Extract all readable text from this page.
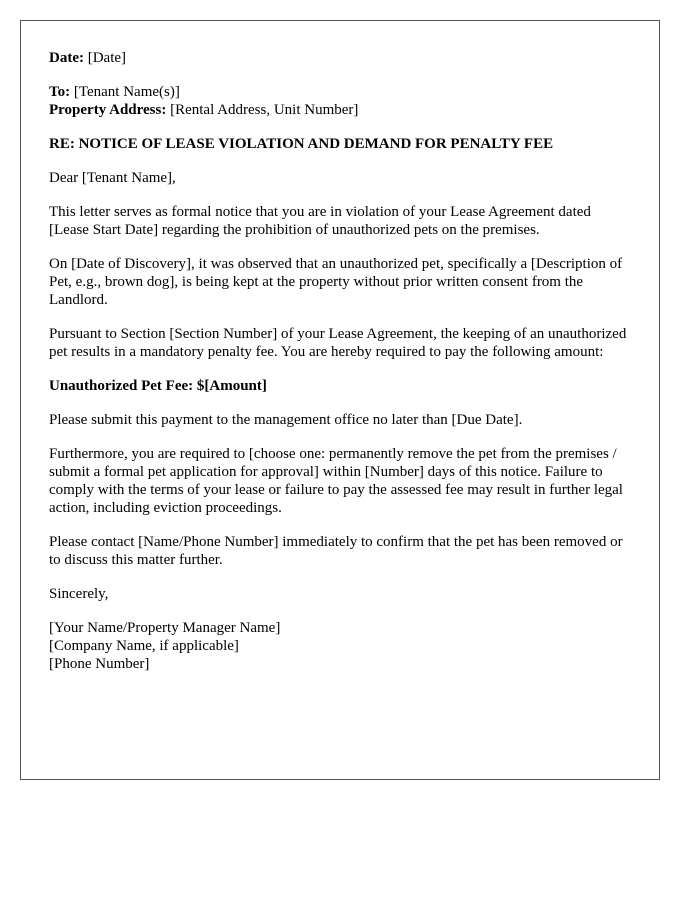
Date: [Date]

To: [Tenant Name(s)]

Property Address: [Rental Address, Unit Number]

RE: NOTICE OF LEASE VIOLATION AND DEMAND FOR PENALTY FEE

Dear [Tenant Name],

This letter serves as formal notice that you are in violation of your Lease Agreement dated [Lease Start Date] regarding the prohibition of unauthorized pets on the premises.

On [Date of Discovery], it was observed that an unauthorized pet, specifically a [Description of Pet, e.g., brown dog], is being kept at the property without prior written consent from the Landlord.

Pursuant to Section [Section Number] of your Lease Agreement, the keeping of an unauthorized pet results in a mandatory penalty fee. You are hereby required to pay the following amount:

Unauthorized Pet Fee: $[Amount]

Please submit this payment to the management office no later than [Due Date].

Furthermore, you are required to [choose one: permanently remove the pet from the premises / submit a formal pet application for approval] within [Number] days of this notice. Failure to comply with the terms of your lease or failure to pay the assessed fee may result in further legal action, including eviction proceedings.

Please contact [Name/Phone Number] immediately to confirm that the pet has been removed or to discuss this matter further.

Sincerely,

[Your Name/Property Manager Name]
[Company Name, if applicable]
[Phone Number]
